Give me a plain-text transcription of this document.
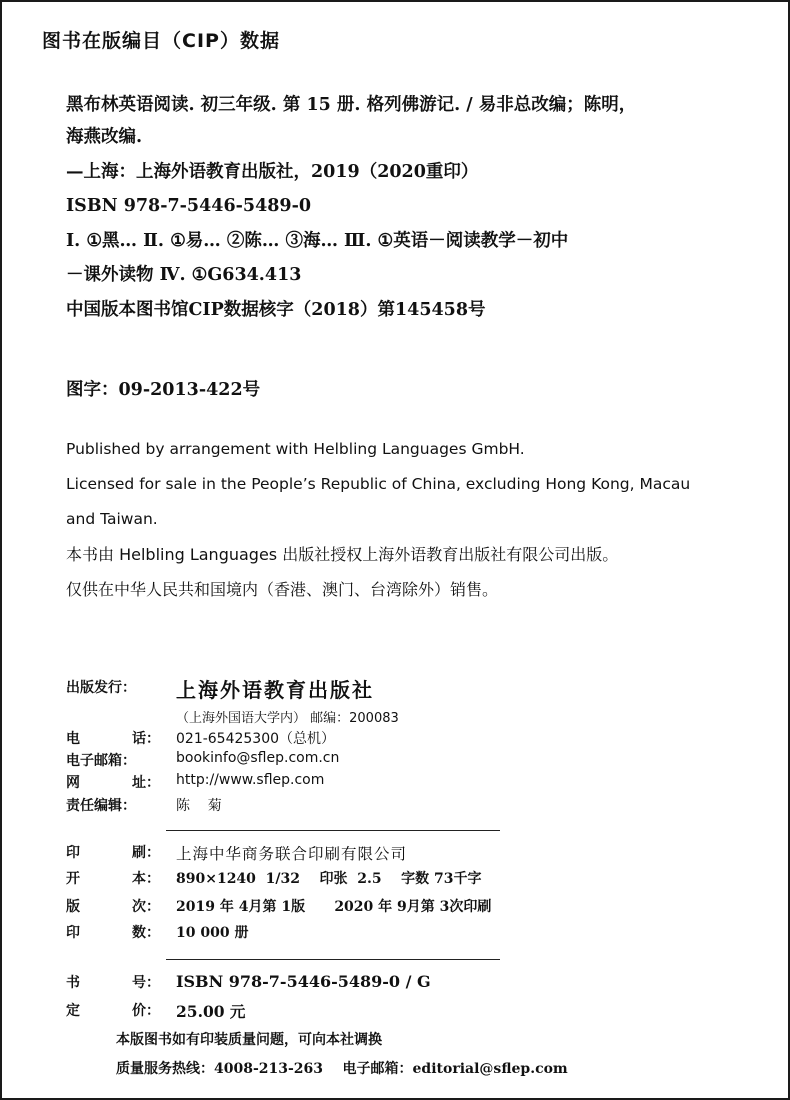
图书在版编目（CIP）数据
黑布林英语阅读. 初三年级. 第 15 册. 格列佛游记. / 易非总改编；陈明，
海燕改编.
—上海：上海外语教育出版社，2019（2020重印）
ISBN 978-7-5446-5489-0
Ⅰ. ①黑… Ⅱ. ①易… ②陈… ③海… Ⅲ. ①英语－阅读教学－初中
－课外读物 Ⅳ. ①G634.413
中国版本图书馆CIP数据核字（2018）第145458号
图字：09-2013-422号
Published by arrangement with Helbling Languages GmbH.
Licensed for sale in the People’s Republic of China, excluding Hong Kong, Macau
and Taiwan.
本书由 Helbling Languages 出版社授权上海外语教育出版社有限公司出版。
仅供在中华人民共和国境内（香港、澳门、台湾除外）销售。
出版发行：	上海外语教育出版社
（上海外国语大学内） 邮编：200083
电	话：	021-65425300（总机）
电子邮箱：	bookinfo@sflep.com.cn
网	址：	http://www.sflep.com
责任编辑：	陈    菊
印	刷：	上海中华商务联合印刷有限公司
开	本：	890×1240  1/32    印张  2.5    字数 73千字
版	次：	2019 年 4月第 1版      2020 年 9月第 3次印刷
印	数：	10 000 册
书	号：	ISBN 978-7-5446-5489-0 / G
定	价：	25.00 元
本版图书如有印装质量问题，可向本社调换
质量服务热线：4008-213-263    电子邮箱：editorial@sflep.com
